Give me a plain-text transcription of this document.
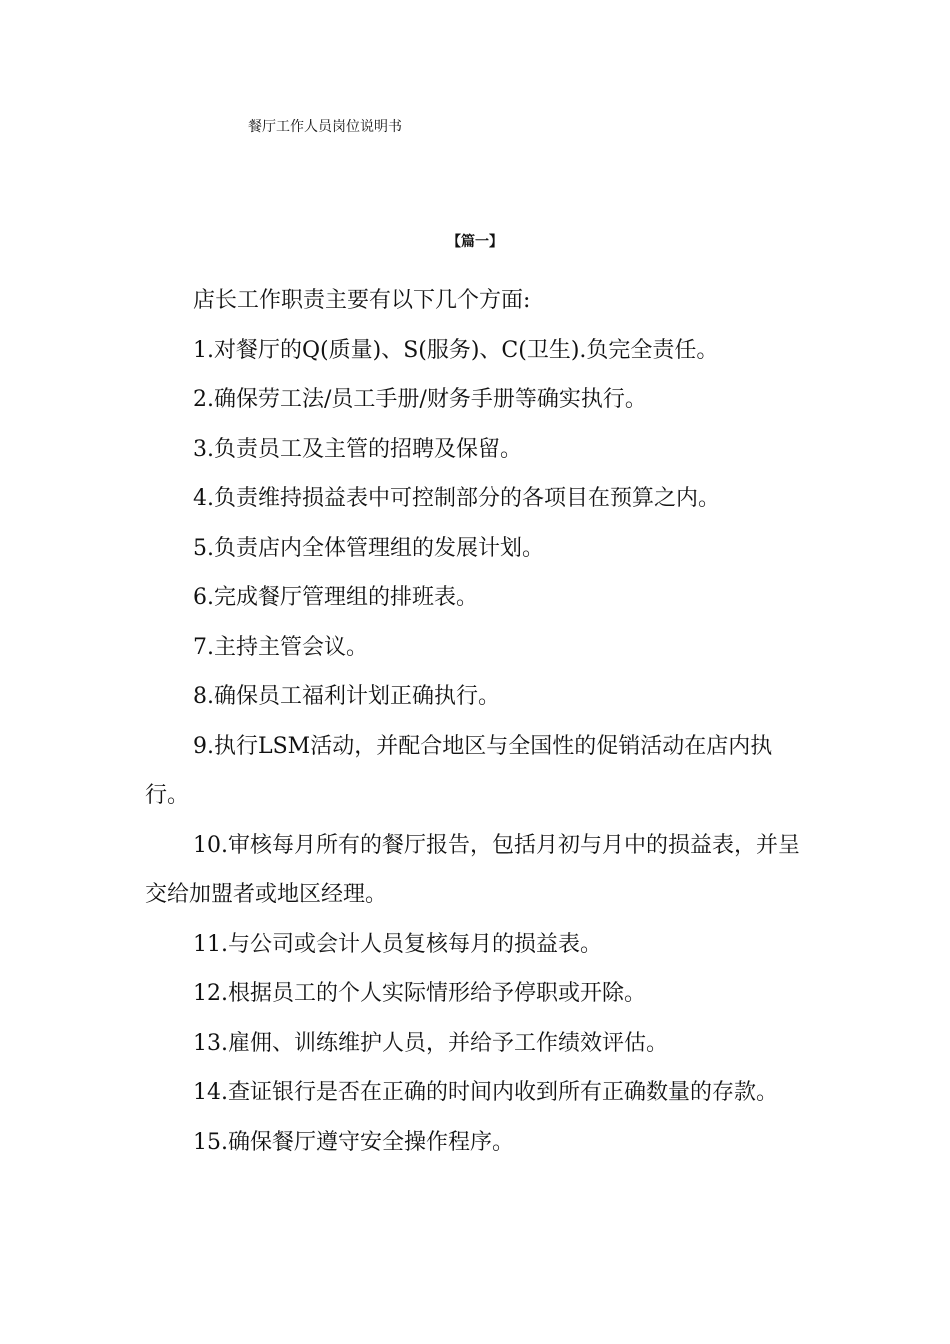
餐厅工作人员岗位说明书
【篇一】

店长工作职责主要有以下几个方面:

1.对餐厅的Q(质量)、S(服务)、C(卫生).负完全责任。

2.确保劳工法/员工手册/财务手册等确实执行。

3.负责员工及主管的招聘及保留。

4.负责维持损益表中可控制部分的各项目在预算之内。

5.负责店内全体管理组的发展计划。

6.完成餐厅管理组的排班表。

7.主持主管会议。

8.确保员工福利计划正确执行。

9.执行LSM活动，并配合地区与全国性的促销活动在店内执行。

10.审核每月所有的餐厅报告，包括月初与月中的损益表，并呈交给加盟者或地区经理。

11.与公司或会计人员复核每月的损益表。

12.根据员工的个人实际情形给予停职或开除。

13.雇佣、训练维护人员，并给予工作绩效评估。

14.查证银行是否在正确的时间内收到所有正确数量的存款。

15.确保餐厅遵守安全操作程序。
